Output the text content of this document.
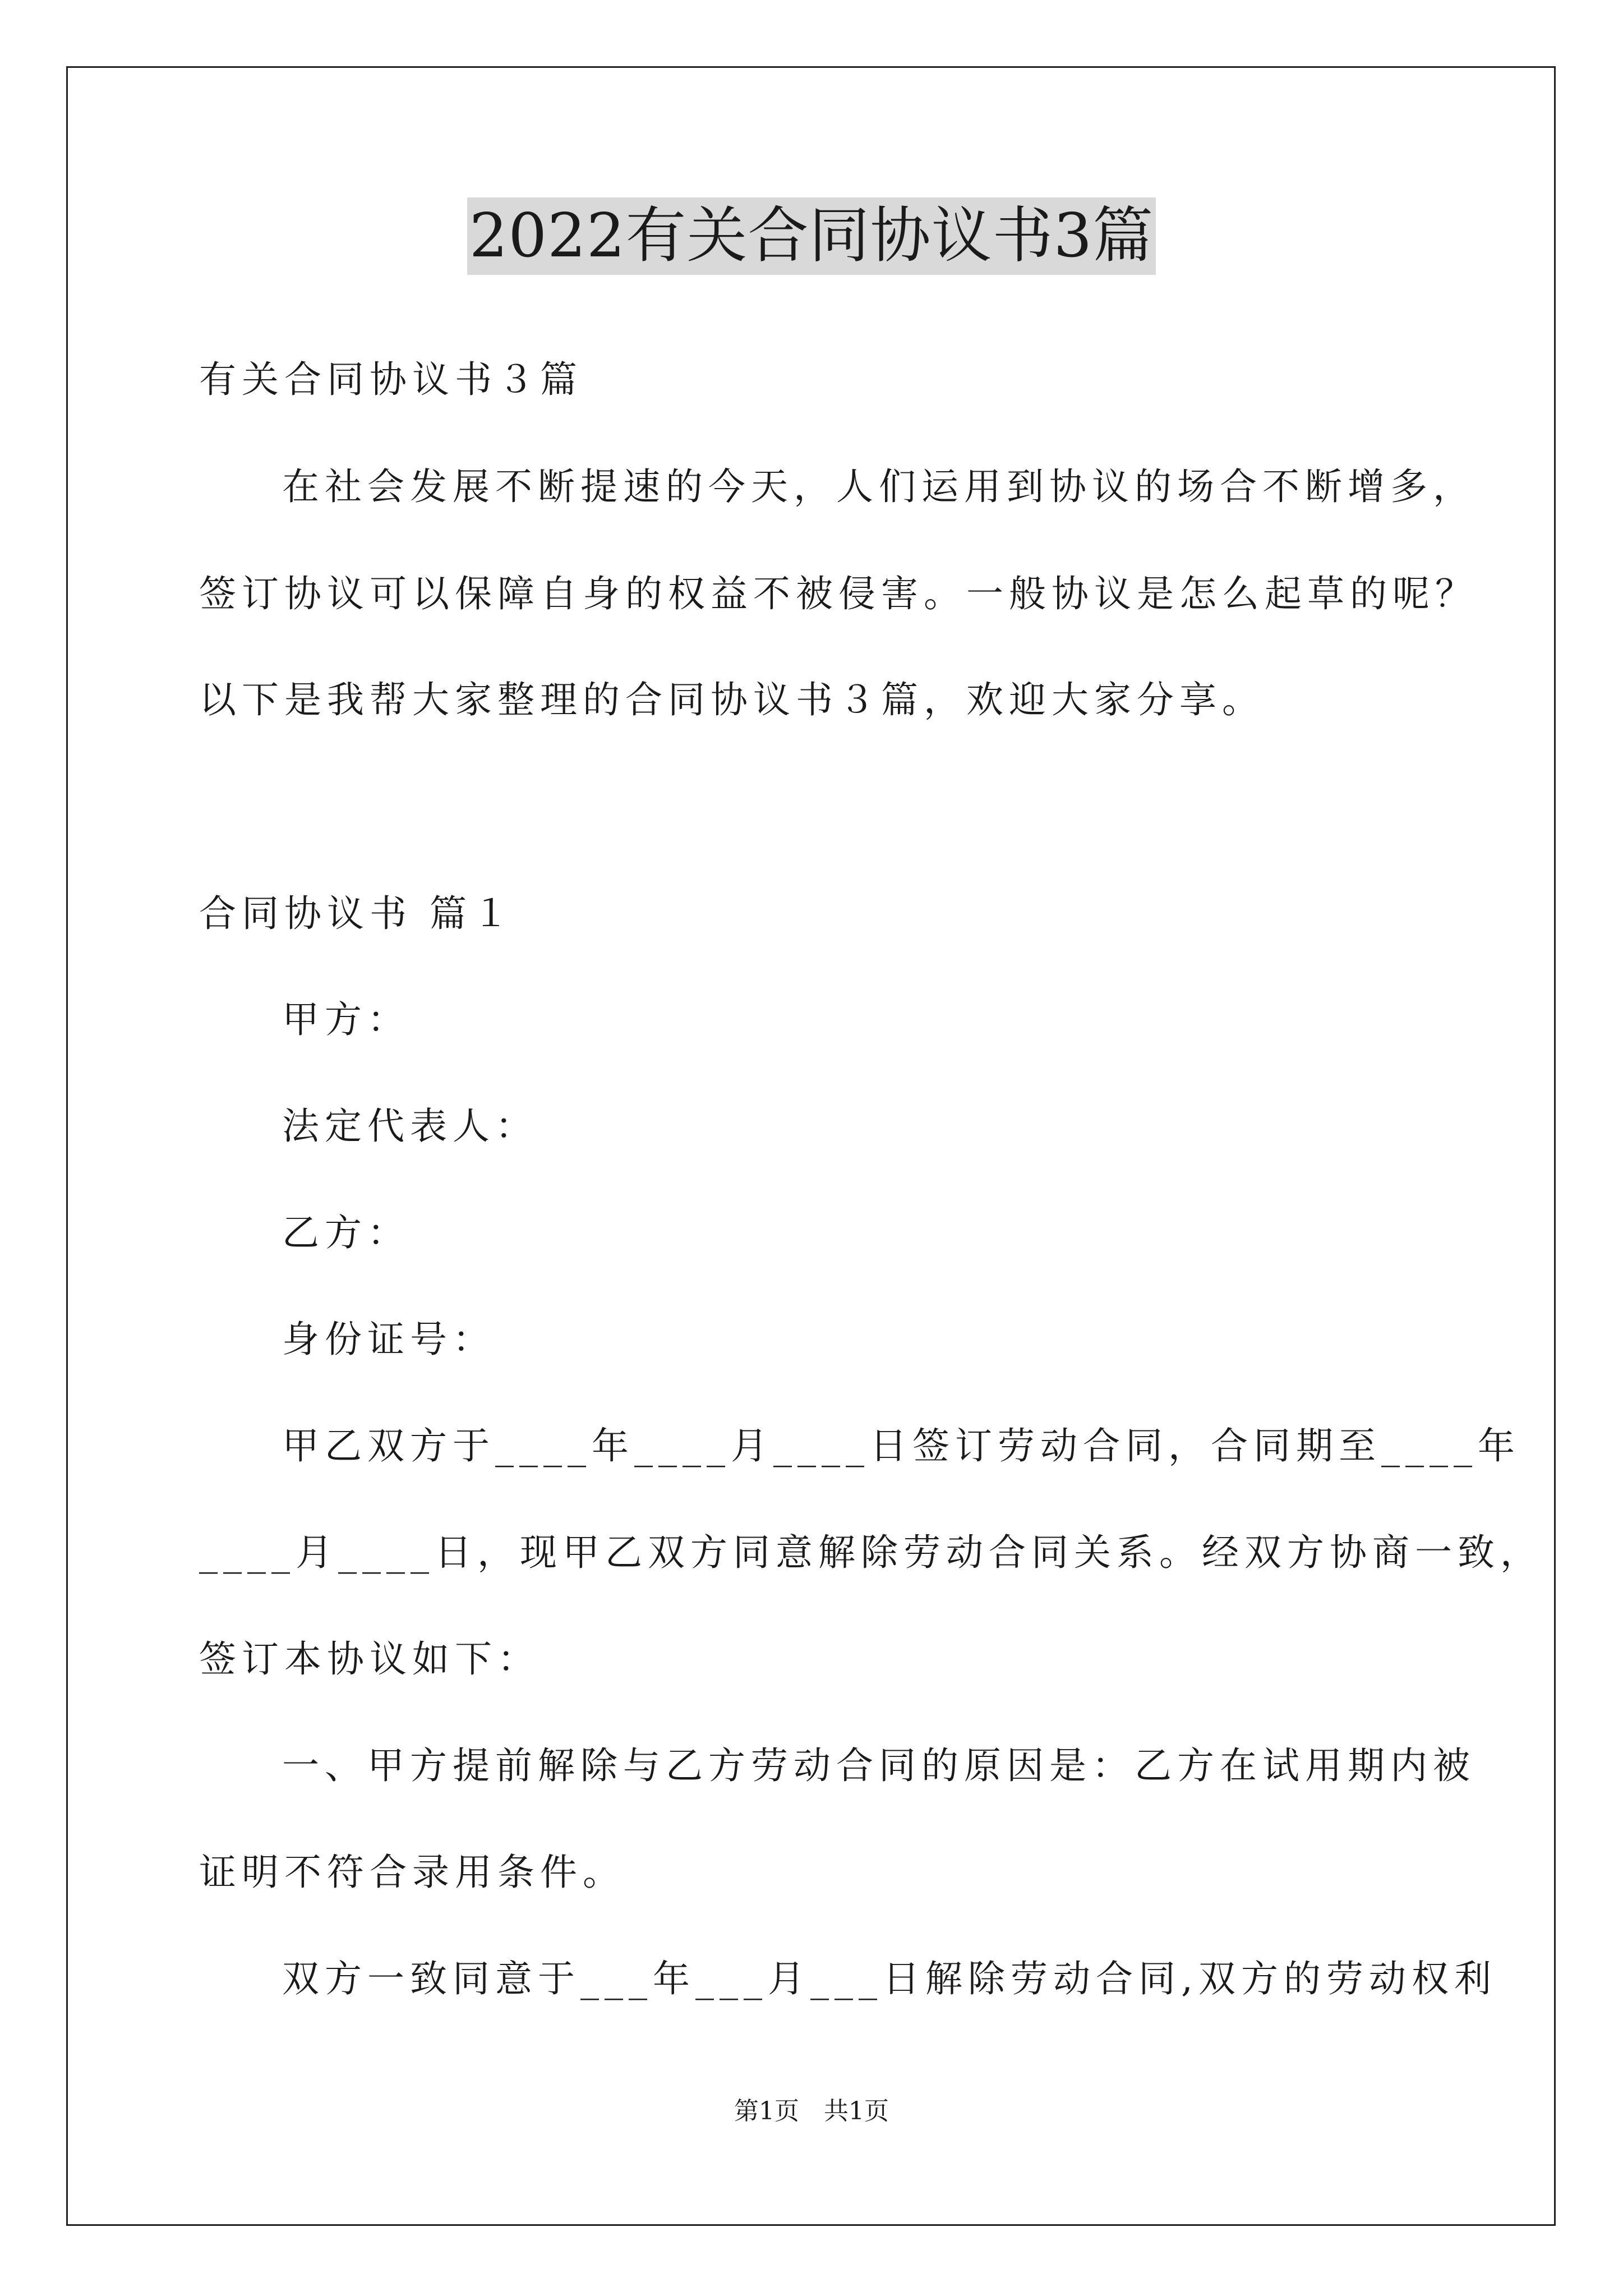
2022有关合同协议书3篇
有关合同协议书３篇
在社会发展不断提速的今天，人们运用到协议的场合不断增多，
签订协议可以保障自身的权益不被侵害。一般协议是怎么起草的呢？
以下是我帮大家整理的合同协议书３篇，欢迎大家分享。
合同协议书 篇１
甲方：
法定代表人：
乙方：
身份证号：
甲乙双方于____年____月____日签订劳动合同，合同期至____年
____月____日，现甲乙双方同意解除劳动合同关系。经双方协商一致，
签订本协议如下：
一、甲方提前解除与乙方劳动合同的原因是：乙方在试用期内被
证明不符合录用条件。
双方一致同意于___年___月___日解除劳动合同,双方的劳动权利
第1页　共1页
